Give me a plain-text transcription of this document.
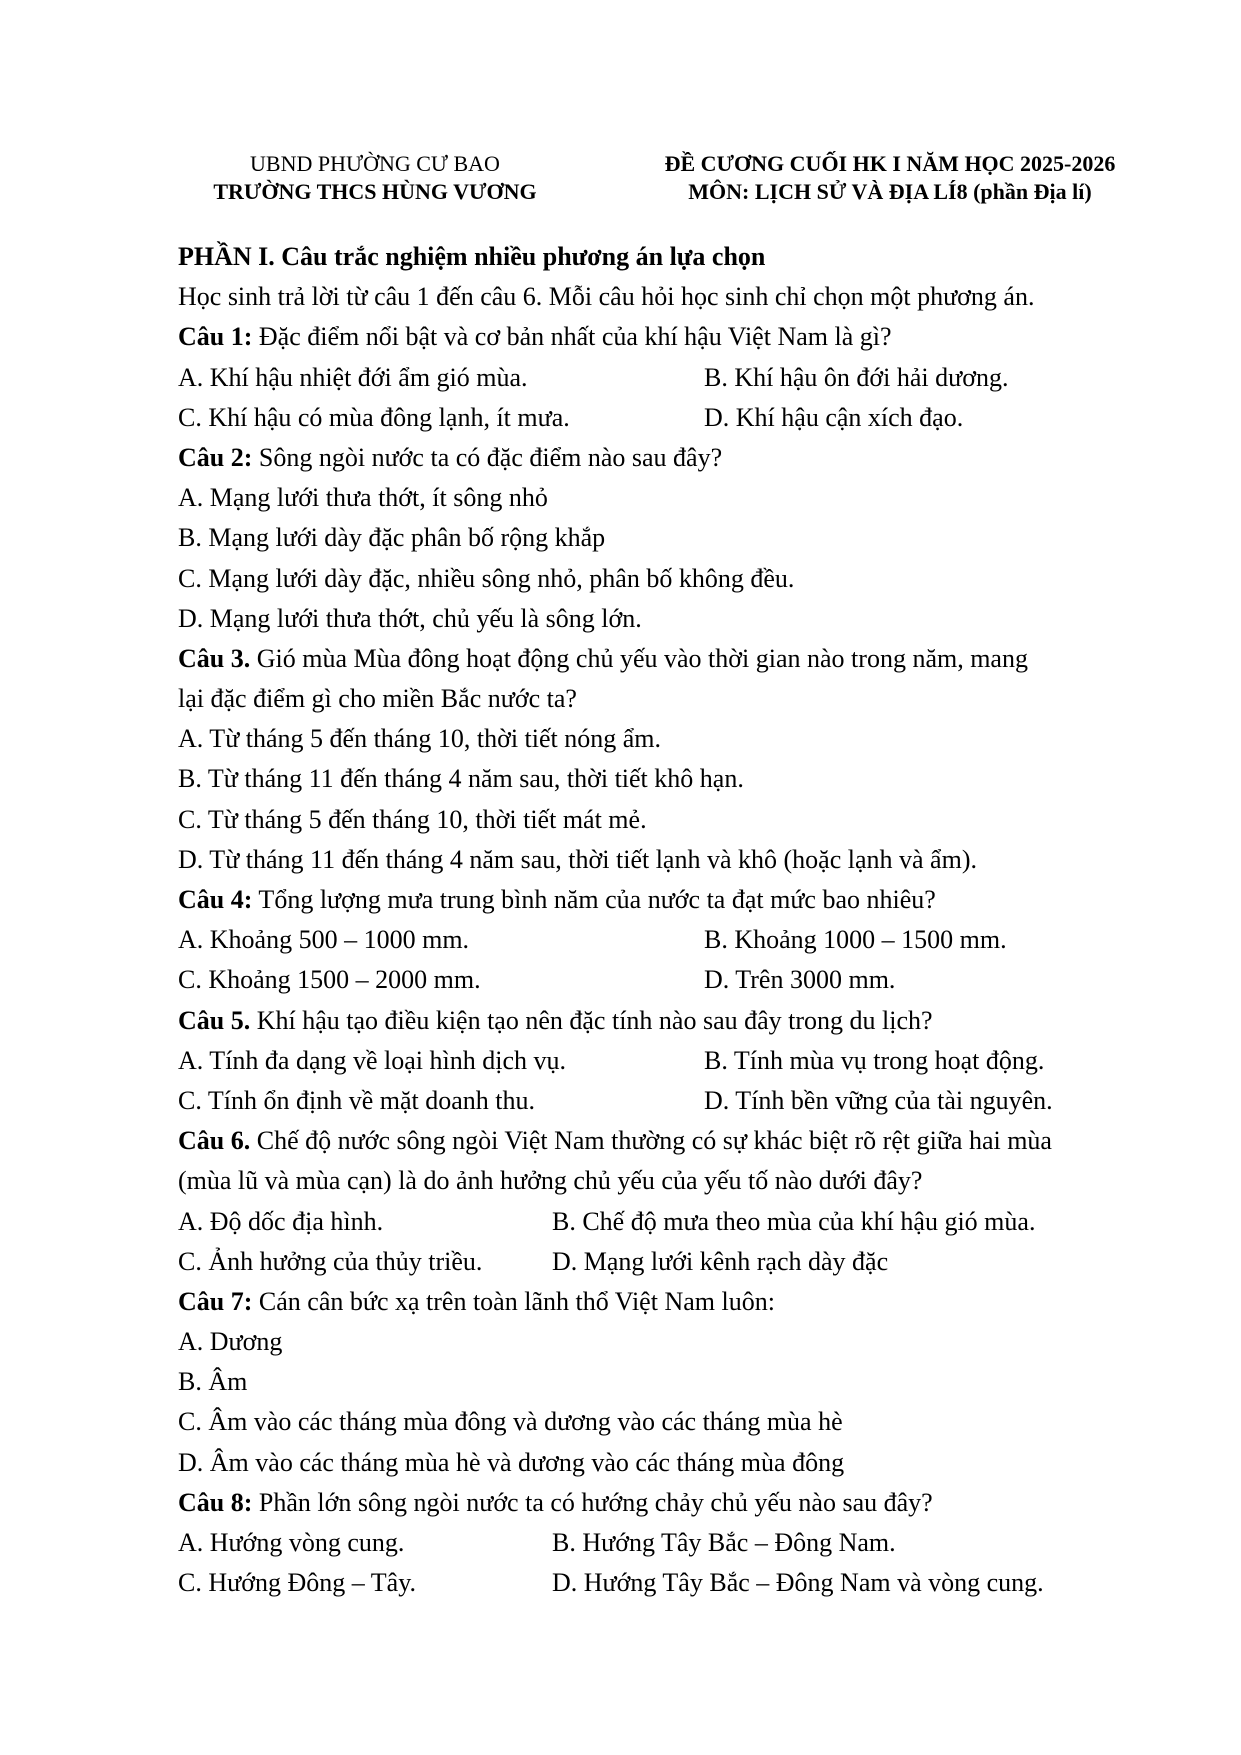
UBND PHƯỜNG CƯ BAO
TRƯỜNG THCS HÙNG VƯƠNG
ĐỀ CƯƠNG CUỐI HK I NĂM HỌC 2025-2026
MÔN: LỊCH SỬ VÀ ĐỊA LÍ8 (phần Địa lí)
PHẦN I. Câu trắc nghiệm nhiều phương án lựa chọn
Học sinh trả lời từ câu 1 đến câu 6. Mỗi câu hỏi học sinh chỉ chọn một phương án.
Câu 1: Đặc điểm nổi bật và cơ bản nhất của khí hậu Việt Nam là gì?
A. Khí hậu nhiệt đới ẩm gió mùa.	B. Khí hậu ôn đới hải dương.
C. Khí hậu có mùa đông lạnh, ít mưa.	D. Khí hậu cận xích đạo.
Câu 2: Sông ngòi nước ta có đặc điểm nào sau đây?
A. Mạng lưới thưa thớt, ít sông nhỏ
B. Mạng lưới dày đặc phân bố rộng khắp
C. Mạng lưới dày đặc, nhiều sông nhỏ, phân bố không đều.
D. Mạng lưới thưa thớt, chủ yếu là sông lớn.
Câu 3. Gió mùa Mùa đông hoạt động chủ yếu vào thời gian nào trong năm, mang
lại đặc điểm gì cho miền Bắc nước ta?
A. Từ tháng 5 đến tháng 10, thời tiết nóng ẩm.
B. Từ tháng 11 đến tháng 4 năm sau, thời tiết khô hạn.
C. Từ tháng 5 đến tháng 10, thời tiết mát mẻ.
D. Từ tháng 11 đến tháng 4 năm sau, thời tiết lạnh và khô (hoặc lạnh và ẩm).
Câu 4: Tổng lượng mưa trung bình năm của nước ta đạt mức bao nhiêu?
A. Khoảng 500 – 1000 mm.	B. Khoảng 1000 – 1500 mm.
C. Khoảng 1500 – 2000 mm.	D. Trên 3000 mm.
Câu 5. Khí hậu tạo điều kiện tạo nên đặc tính nào sau đây trong du lịch?
A. Tính đa dạng về loại hình dịch vụ.	B. Tính mùa vụ trong hoạt động.
C. Tính ổn định về mặt doanh thu.	D. Tính bền vững của tài nguyên.
Câu 6. Chế độ nước sông ngòi Việt Nam thường có sự khác biệt rõ rệt giữa hai mùa
(mùa lũ và mùa cạn) là do ảnh hưởng chủ yếu của yếu tố nào dưới đây?
A. Độ dốc địa hình.	B. Chế độ mưa theo mùa của khí hậu gió mùa.
C. Ảnh hưởng của thủy triều.	D. Mạng lưới kênh rạch dày đặc
Câu 7: Cán cân bức xạ trên toàn lãnh thổ Việt Nam luôn:
A. Dương
B. Âm
C. Âm vào các tháng mùa đông và dương vào các tháng mùa hè
D. Âm vào các tháng mùa hè và dương vào các tháng mùa đông
Câu 8: Phần lớn sông ngòi nước ta có hướng chảy chủ yếu nào sau đây?
A. Hướng vòng cung.	B. Hướng Tây Bắc – Đông Nam.
C. Hướng Đông – Tây.	D. Hướng Tây Bắc – Đông Nam và vòng cung.
